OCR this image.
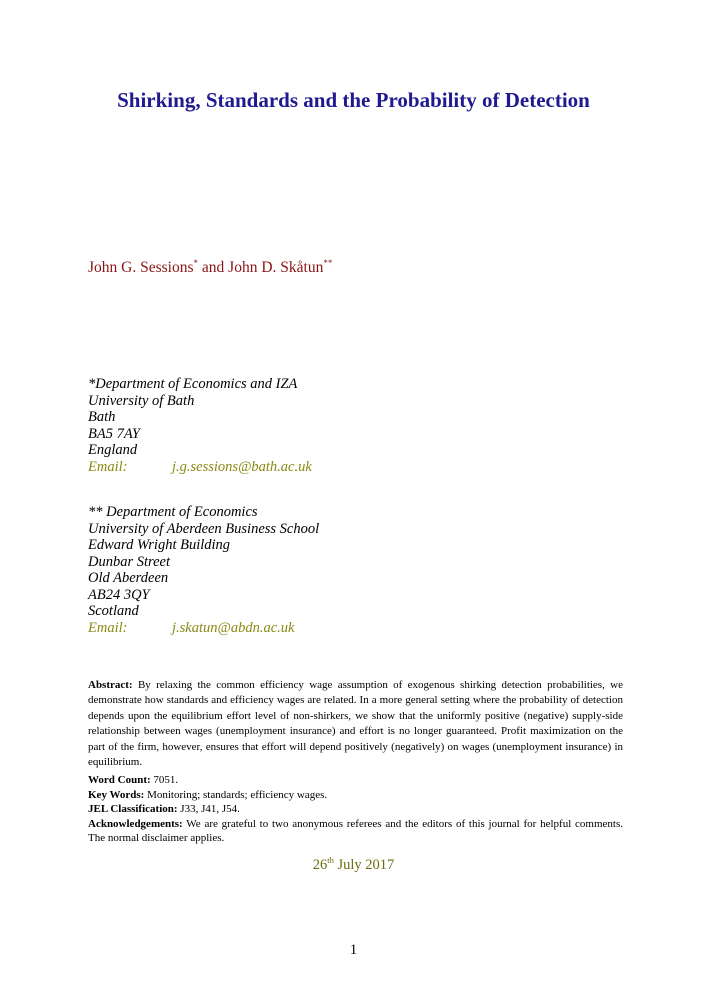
Shirking, Standards and the Probability of Detection
John G. Sessions* and John D. Skåtun**
*Department of Economics and IZA
University of Bath
Bath
BA5 7AY
England
Email:	j.g.sessions@bath.ac.uk
** Department of Economics
University of Aberdeen Business School
Edward Wright Building
Dunbar Street
Old Aberdeen
AB24 3QY
Scotland
Email:	j.skatun@abdn.ac.uk
Abstract: By relaxing the common efficiency wage assumption of exogenous shirking detection probabilities, we demonstrate how standards and efficiency wages are related. In a more general setting where the probability of detection depends upon the equilibrium effort level of non-shirkers, we show that the uniformly positive (negative) supply-side relationship between wages (unemployment insurance) and effort is no longer guaranteed. Profit maximization on the part of the firm, however, ensures that effort will depend positively (negatively) on wages (unemployment insurance) in equilibrium.
Word Count: 7051.
Key Words: Monitoring; standards; efficiency wages.
JEL Classification: J33, J41, J54.
Acknowledgements: We are grateful to two anonymous referees and the editors of this journal for helpful comments. The normal disclaimer applies.
26th July 2017
1
